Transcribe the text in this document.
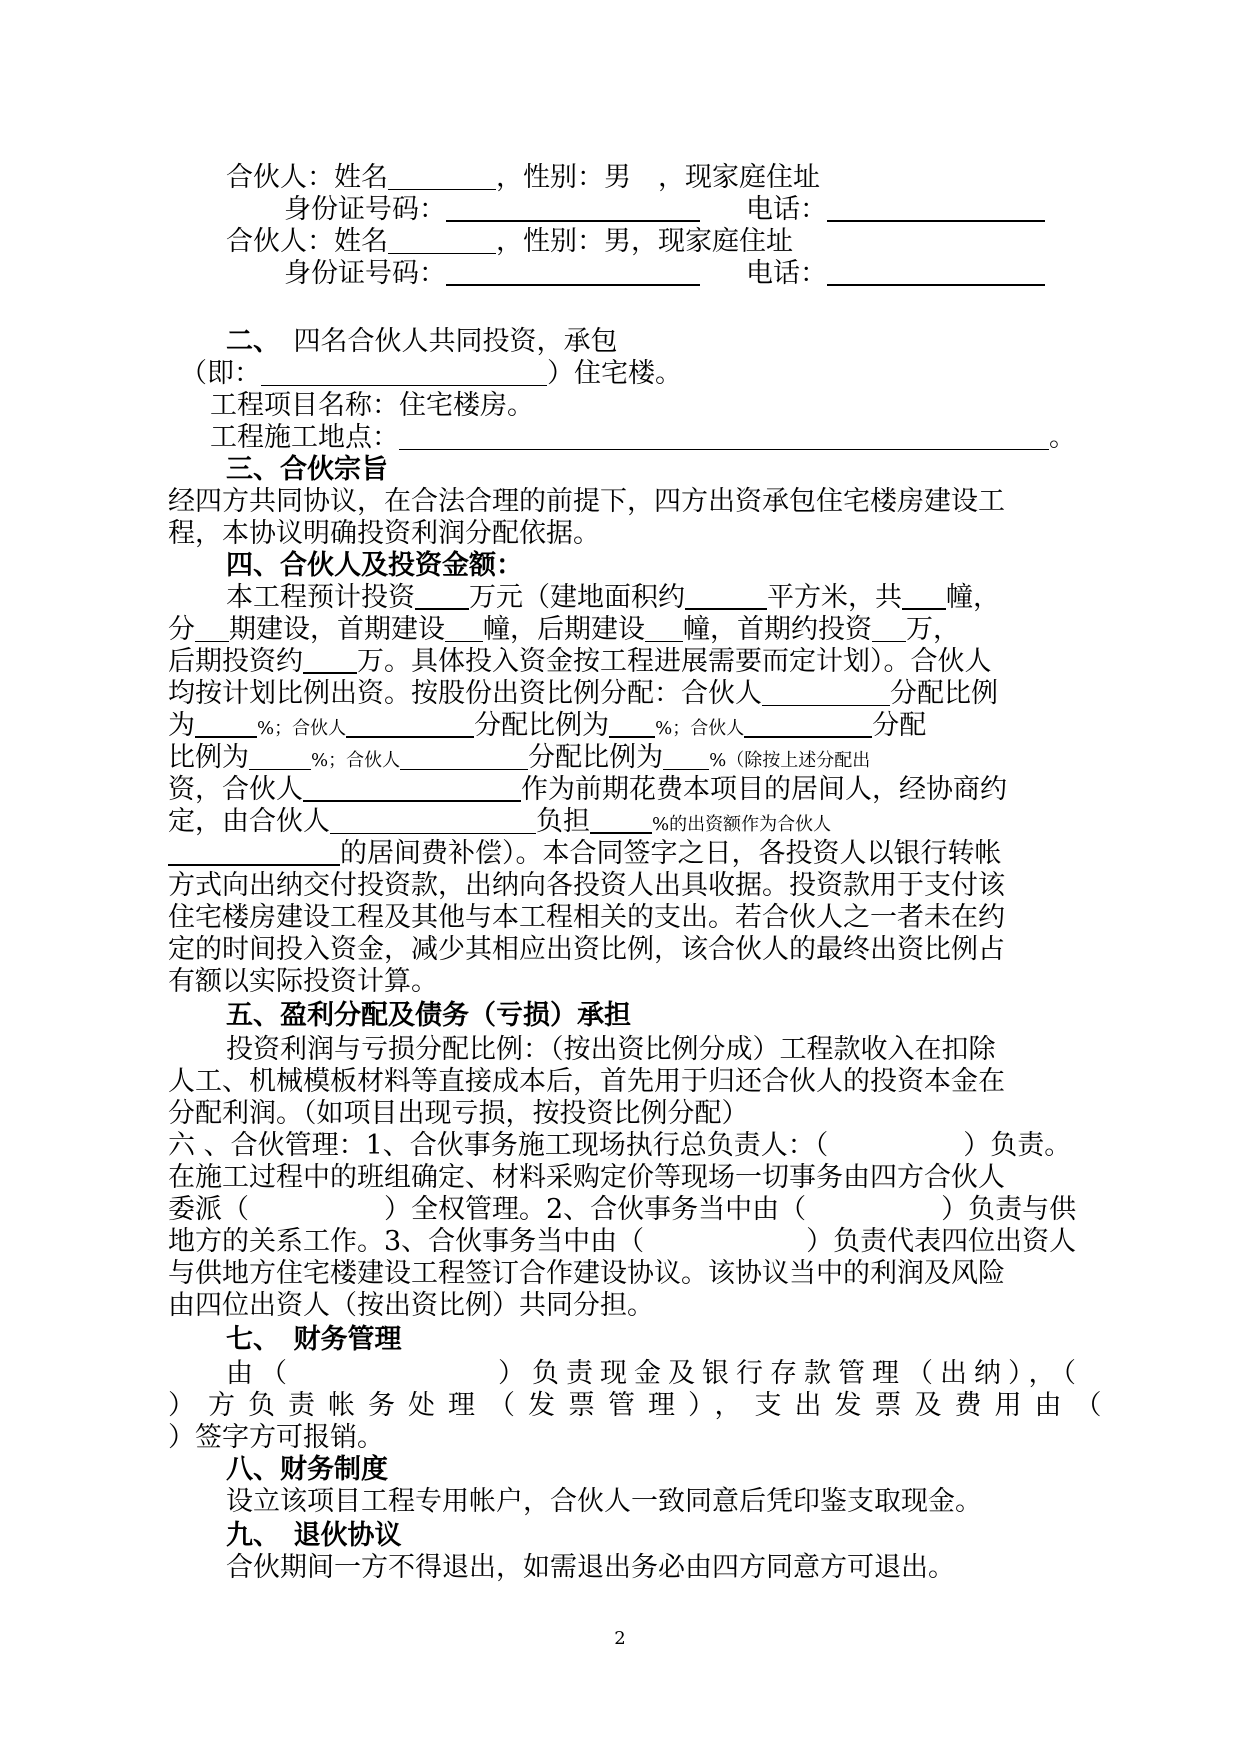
合伙人：姓名	，性别：男　，现家庭住址
身份证号码：	电话：
合伙人：姓名	，性别：男，现家庭住址
身份证号码：	电话：
二、　 四名合伙人共同投资，承包
（即：	）住宅楼。
工程项目名称：住宅楼房。
工程施工地点：	。
三、合伙宗旨
经四方共同协议，在合法合理的前提下，四方出资承包住宅楼房建设工
程，本协议明确投资利润分配依据。
四、合伙人及投资金额：
本工程预计投资 万元（建地面积约	平方米，共 幢，
分 期建设，首期建设 幢，后期建设 幢，首期约投资 万，
后期投资约 万。具体投入资金按工程进展需要而定计划）。合伙人
均按计划比例出资。按股份出资比例分配：合伙人	分配比例
为	%；合伙人	分配比例为	%；合伙人	分配
比例为	%；合伙人	分配比例为	%（除按上述分配出
资，合伙人	作为前期花费本项目的居间人，经协商约
定，由合伙人	负担	%的出资额作为合伙人
的居间费补偿）。本合同签字之日，各投资人以银行转帐
方式向出纳交付投资款，出纳向各投资人出具收据。投资款用于支付该
住宅楼房建设工程及其他与本工程相关的支出。若合伙人之一者未在约
定的时间投入资金，减少其相应出资比例，该合伙人的最终出资比例占
有额以实际投资计算。
五、盈利分配及债务（亏损）承担
投资利润与亏损分配比例：（按出资比例分成）工程款收入在扣除
人工、机械模板材料等直接成本后，首先用于归还合伙人的投资本金在
分配利润。（如项目出现亏损，按投资比例分配）
六 、合伙管理：1、合伙事务施工现场执行总负责人：（　　　　　）负责。
在施工过程中的班组确定、材料采购定价等现场一切事务由四方合伙人
委派（　　　　　）全权管理。2、合伙事务当中由（　　　　　）负责与供
地方的关系工作。3、合伙事务当中由（　　　　　　）负责代表四位出资人
与供地方住宅楼建设工程签订合作建设协议。该协议当中的利润及风险
由四位出资人（按出资比例）共同分担。
七、　财务管理
由（　　　　　　）负责现金及银行存款管理（出纳），（
）方负责帐务处理（发票管理），支出发票及费用由（
）签字方可报销。
八、财务制度
设立该项目工程专用帐户，合伙人一致同意后凭印鉴支取现金。
九、　退伙协议
合伙期间一方不得退出，如需退出务必由四方同意方可退出。
2
